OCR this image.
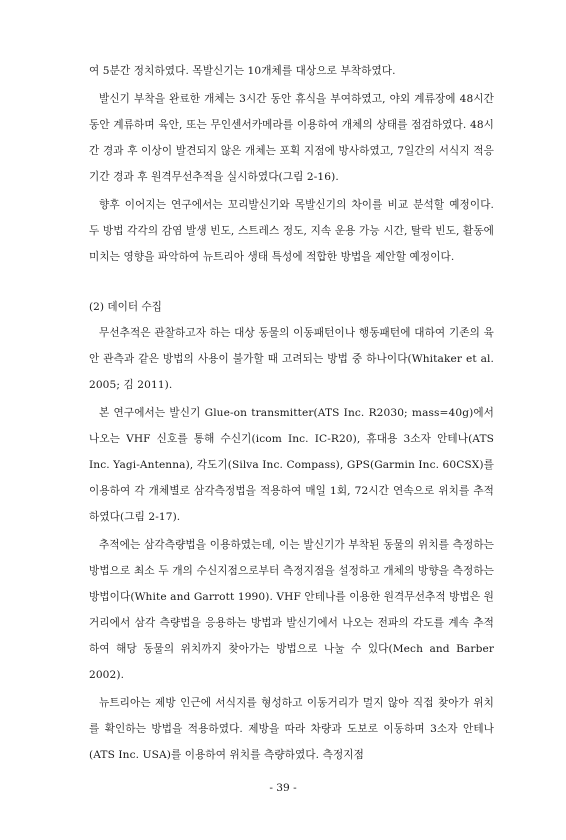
여 5분간 정치하였다. 목발신기는 10개체를 대상으로 부착하였다.

발신기 부착을 완료한 개체는 3시간 동안 휴식을 부여하였고, 야외 계류장에 48시간 동안 계류하며 육안, 또는 무인센서카메라를 이용하여 개체의 상태를 점검하였다. 48시간 경과 후 이상이 발견되지 않은 개체는 포획 지점에 방사하였고, 7일간의 서식지 적응 기간 경과 후 원격무선추적을 실시하였다(그림 2-16).

향후 이어지는 연구에서는 꼬리발신기와 목발신기의 차이를 비교 분석할 예정이다. 두 방법 각각의 감염 발생 빈도, 스트레스 정도, 지속 운용 가능 시간, 탈락 빈도, 활동에 미치는 영향을 파악하여 뉴트리아 생태 특성에 적합한 방법을 제안할 예정이다.

(2) 데이터 수집

무선추적은 관찰하고자 하는 대상 동물의 이동패턴이나 행동패턴에 대하여 기존의 육안 관측과 같은 방법의 사용이 불가할 때 고려되는 방법 중 하나이다(Whitaker et al. 2005; 김 2011).

본 연구에서는 발신기 Glue-on transmitter(ATS Inc. R2030; mass=40g)에서 나오는 VHF 신호를 통해 수신기(icom Inc. IC-R20), 휴대용 3소자 안테나(ATS Inc. Yagi-Antenna), 각도기(Silva Inc. Compass), GPS(Garmin Inc. 60CSX)를 이용하여 각 개체별로 삼각측정법을 적용하여 매일 1회, 72시간 연속으로 위치를 추적하였다(그림 2-17).

추적에는 삼각측량법을 이용하였는데, 이는 발신기가 부착된 동물의 위치를 측정하는 방법으로 최소 두 개의 수신지점으로부터 측정지점을 설정하고 개체의 방향을 측정하는 방법이다(White and Garrott 1990). VHF 안테나를 이용한 원격무선추적 방법은 원거리에서 삼각 측량법을 응용하는 방법과 발신기에서 나오는 전파의 각도를 계속 추적하여 해당 동물의 위치까지 찾아가는 방법으로 나눌 수 있다(Mech and Barber 2002).

뉴트리아는 제방 인근에 서식지를 형성하고 이동거리가 멀지 않아 직접 찾아가 위치를 확인하는 방법을 적용하였다. 제방을 따라 차량과 도보로 이동하며 3소자 안테나(ATS Inc. USA)를 이용하여 위치를 측량하였다. 측정지점

- 39 -
